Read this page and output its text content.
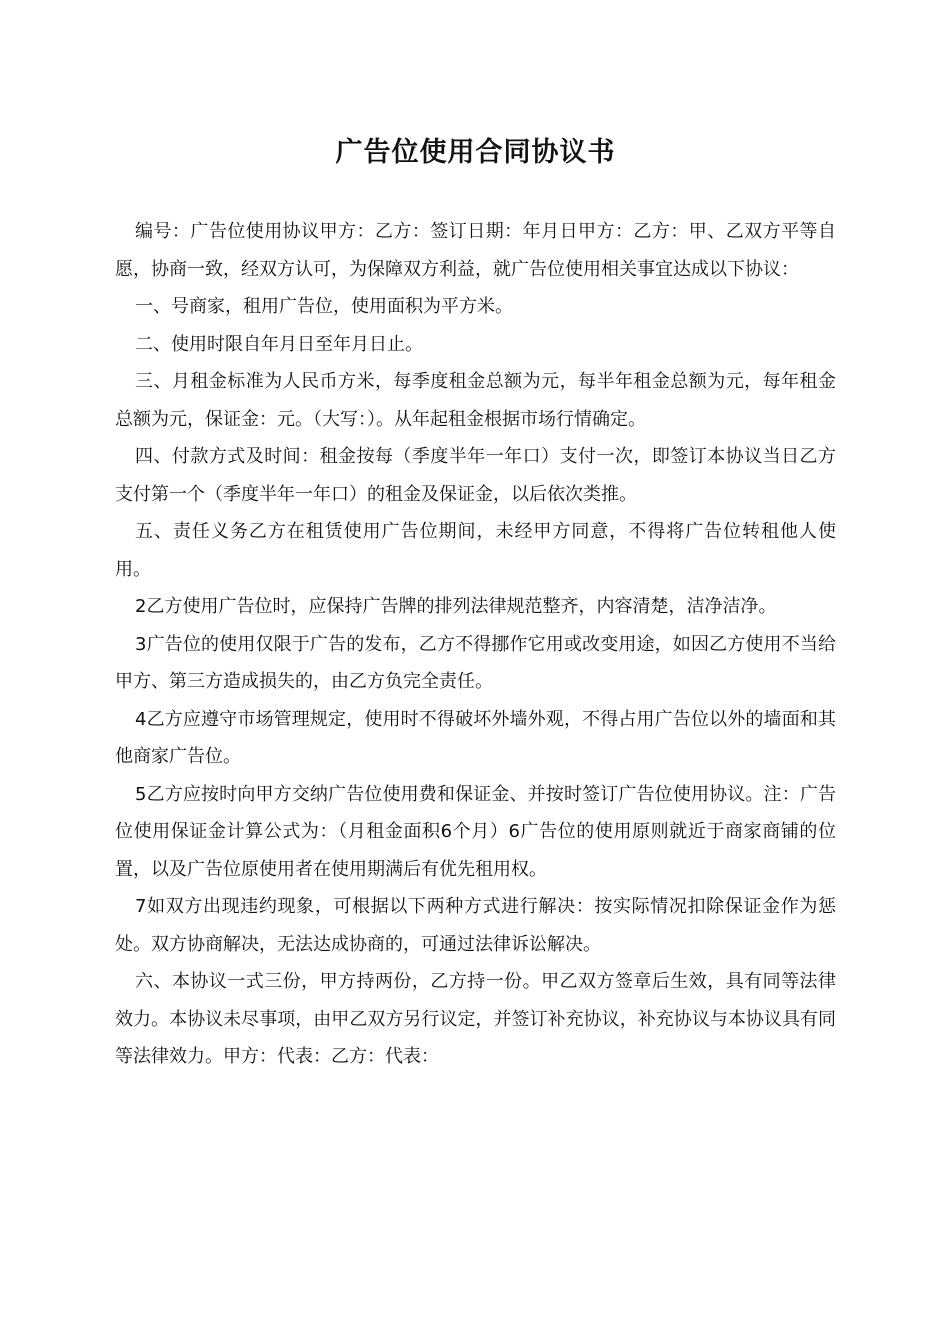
广告位使用合同协议书

编号：广告位使用协议甲方：乙方：签订日期：年月日甲方：乙方：甲、乙双方平等自愿，协商一致，经双方认可，为保障双方利益，就广告位使用相关事宜达成以下协议：

一、号商家，租用广告位，使用面积为平方米。

二、使用时限自年月日至年月日止。

三、月租金标准为人民币方米，每季度租金总额为元，每半年租金总额为元，每年租金总额为元，保证金：元。（大写：）。从年起租金根据市场行情确定。

四、付款方式及时间：租金按每（季度半年一年口）支付一次，即签订本协议当日乙方支付第一个（季度半年一年口）的租金及保证金，以后依次类推。

五、责任义务乙方在租赁使用广告位期间，未经甲方同意，不得将广告位转租他人使用。

2乙方使用广告位时，应保持广告牌的排列法律规范整齐，内容清楚，洁净洁净。

3广告位的使用仅限于广告的发布，乙方不得挪作它用或改变用途，如因乙方使用不当给甲方、第三方造成损失的，由乙方负完全责任。

4乙方应遵守市场管理规定，使用时不得破坏外墙外观，不得占用广告位以外的墙面和其他商家广告位。

5乙方应按时向甲方交纳广告位使用费和保证金、并按时签订广告位使用协议。注：广告位使用保证金计算公式为：（月租金面积6个月）6广告位的使用原则就近于商家商铺的位置，以及广告位原使用者在使用期满后有优先租用权。

7如双方出现违约现象，可根据以下两种方式进行解决：按实际情况扣除保证金作为惩处。双方协商解决，无法达成协商的，可通过法律诉讼解决。

六、本协议一式三份，甲方持两份，乙方持一份。甲乙双方签章后生效，具有同等法律效力。本协议未尽事项，由甲乙双方另行议定，并签订补充协议，补充协议与本协议具有同等法律效力。甲方：代表：乙方：代表：
